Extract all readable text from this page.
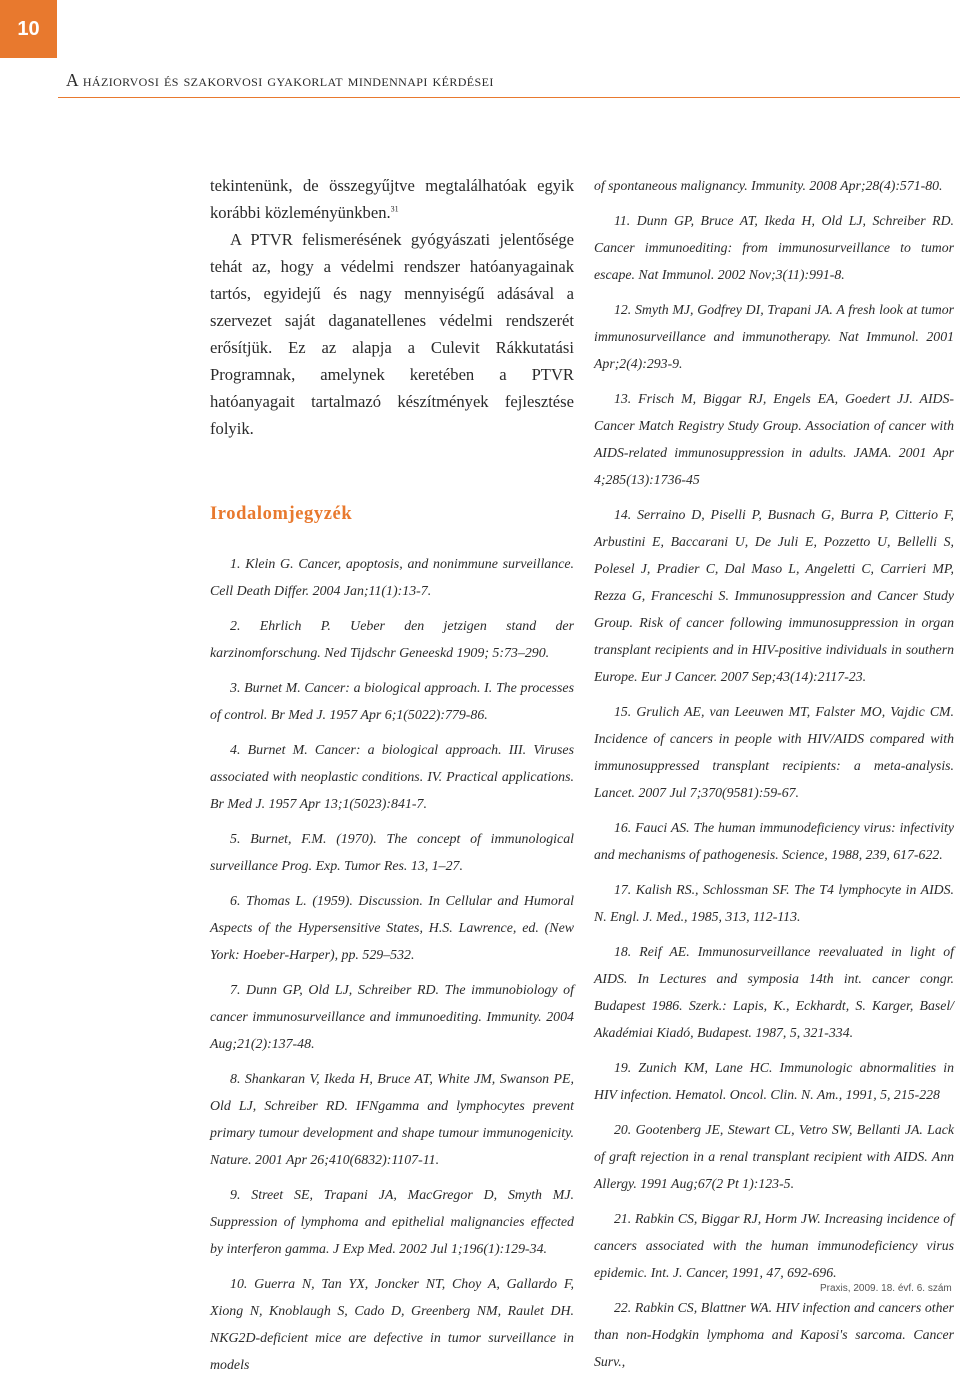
10
A háziorvosi és szakorvosi gyakorlat mindennapi kérdései

tekintenünk, de összegyűjtve megtalálhatóak egyik korábbi közleményünkben.$^{31}$

A PTVR felismerésének gyógyászati jelentősége tehát az, hogy a védelmi rendszer hatóanyagainak tartós, egyidejű és nagy mennyiségű adásával a szervezet saját daganatellenes védelmi rendszerét erősítjük. Ez az alapja a Culevit Rákkutatási Programnak, amelynek keretében a PTVR hatóanyagait tartalmazó készítmények fejlesztése folyik.

Irodalomjegyzék

1. Klein G. Cancer, apoptosis, and nonimmune surveillance. Cell Death Differ. 2004 Jan;11(1):13-7.

2. Ehrlich P. Ueber den jetzigen stand der karzinomforschung. Ned Tijdschr Geneeskd 1909; 5:73–290.

3. Burnet M. Cancer: a biological approach. I. The processes of control. Br Med J. 1957 Apr 6;1(5022):779-86.

4. Burnet M. Cancer: a biological approach. III. Viruses associated with neoplastic conditions. IV. Practical applications. Br Med J. 1957 Apr 13;1(5023):841-7.

5. Burnet, F.M. (1970). The concept of immunological surveillance Prog. Exp. Tumor Res. 13, 1–27.

6. Thomas L. (1959). Discussion. In Cellular and Humoral Aspects of the Hypersensitive States, H.S. Lawrence, ed. (New York: Hoeber-Harper), pp. 529–532.

7. Dunn GP, Old LJ, Schreiber RD. The immunobiology of cancer immunosurveillance and immunoediting. Immunity. 2004 Aug;21(2):137-48.

8. Shankaran V, Ikeda H, Bruce AT, White JM, Swanson PE, Old LJ, Schreiber RD. IFNgamma and lymphocytes prevent primary tumour development and shape tumour immunogenicity. Nature. 2001 Apr 26;410(6832):1107-11.

9. Street SE, Trapani JA, MacGregor D, Smyth MJ. Suppression of lymphoma and epithelial malignancies effected by interferon gamma. J Exp Med. 2002 Jul 1;196(1):129-34.

10. Guerra N, Tan YX, Joncker NT, Choy A, Gallardo F, Xiong N, Knoblaugh S, Cado D, Greenberg NM, Raulet DH. NKG2D-deficient mice are defective in tumor surveillance in models

of spontaneous malignancy. Immunity. 2008 Apr;28(4):571-80.

11. Dunn GP, Bruce AT, Ikeda H, Old LJ, Schreiber RD. Cancer immunoediting: from immunosurveillance to tumor escape. Nat Immunol. 2002 Nov;3(11):991-8.

12. Smyth MJ, Godfrey DI, Trapani JA. A fresh look at tumor immunosurveillance and immunotherapy. Nat Immunol. 2001 Apr;2(4):293-9.

13. Frisch M, Biggar RJ, Engels EA, Goedert JJ. AIDS-Cancer Match Registry Study Group. Association of cancer with AIDS-related immunosuppression in adults. JAMA. 2001 Apr 4;285(13):1736-45

14. Serraino D, Piselli P, Busnach G, Burra P, Citterio F, Arbustini E, Baccarani U, De Juli E, Pozzetto U, Bellelli S, Polesel J, Pradier C, Dal Maso L, Angeletti C, Carrieri MP, Rezza G, Franceschi S. Immunosuppression and Cancer Study Group. Risk of cancer following immunosuppression in organ transplant recipients and in HIV-positive individuals in southern Europe. Eur J Cancer. 2007 Sep;43(14):2117-23.

15. Grulich AE, van Leeuwen MT, Falster MO, Vajdic CM. Incidence of cancers in people with HIV/AIDS compared with immunosuppressed transplant recipients: a meta-analysis. Lancet. 2007 Jul 7;370(9581):59-67.

16. Fauci AS. The human immunodeficiency virus: infectivity and mechanisms of pathogenesis. Science, 1988, 239, 617-622.

17. Kalish RS., Schlossman SF. The T4 lymphocyte in AIDS. N. Engl. J. Med., 1985, 313, 112-113.

18. Reif AE. Immunosurveillance reevaluated in light of AIDS. In Lectures and symposia 14th int. cancer congr. Budapest 1986. Szerk.: Lapis, K., Eckhardt, S. Karger, Basel/ Akadémiai Kiadó, Budapest. 1987, 5, 321-334.

19. Zunich KM, Lane HC. Immunologic abnormalities in HIV infection. Hematol. Oncol. Clin. N. Am., 1991, 5, 215-228

20. Gootenberg JE, Stewart CL, Vetro SW, Bellanti JA. Lack of graft rejection in a renal transplant recipient with AIDS. Ann Allergy. 1991 Aug;67(2 Pt 1):123-5.

21. Rabkin CS, Biggar RJ, Horm JW. Increasing incidence of cancers associated with the human immunodeficiency virus epidemic. Int. J. Cancer, 1991, 47, 692-696.

22. Rabkin CS, Blattner WA. HIV infection and cancers other than non-Hodgkin lymphoma and Kaposi's sarcoma. Cancer Surv.,

Praxis, 2009. 18. évf. 6. szám
